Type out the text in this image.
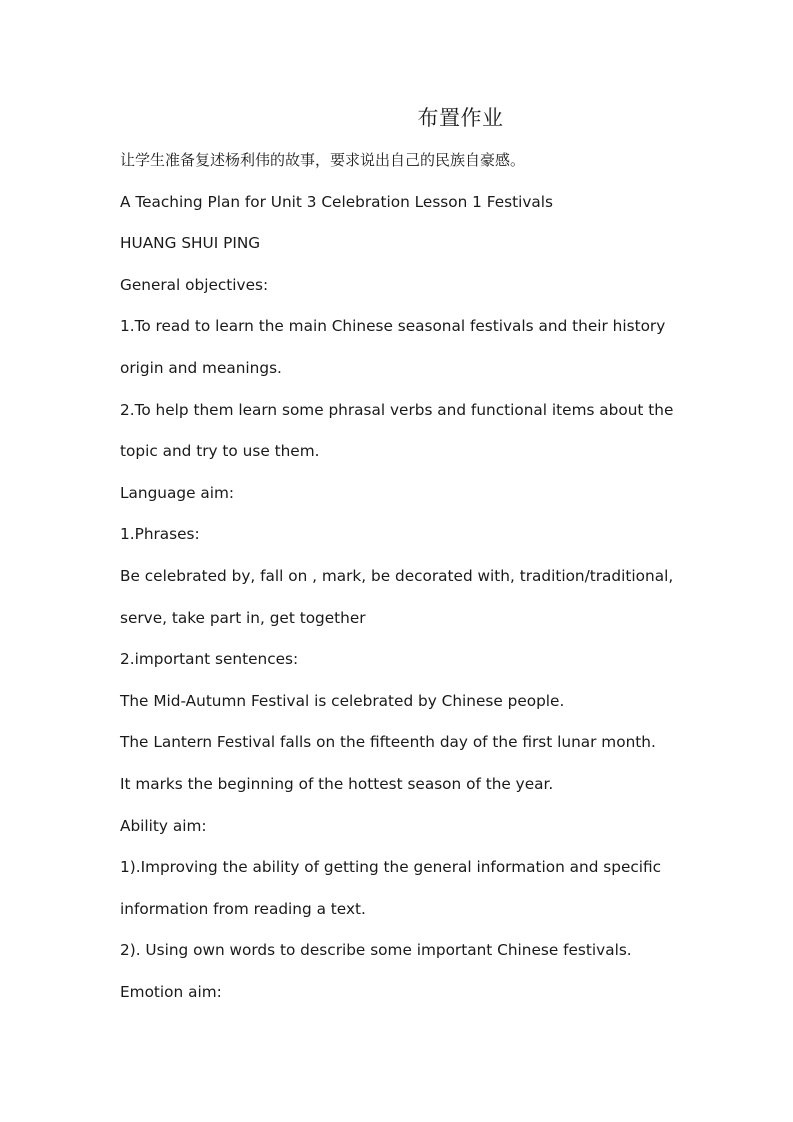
布置作业
让学生准备复述杨利伟的故事，要求说出自己的民族自豪感。
A Teaching Plan for Unit 3 Celebration Lesson 1 Festivals
HUANG SHUI PING
General objectives:
1.To read to learn the main Chinese seasonal festivals and their history
origin and meanings.
2.To help them learn some phrasal verbs and functional items about the
topic and try to use them.
Language aim:
1.Phrases:
Be celebrated by, fall on , mark, be decorated with, tradition/traditional,
serve, take part in, get together
2.important sentences:
The Mid-Autumn Festival is celebrated by Chinese people.
The Lantern Festival falls on the fifteenth day of the first lunar month.
It marks the beginning of the hottest season of the year.
Ability aim:
1).Improving the ability of getting the general information and specific
information from reading a text.
2). Using own words to describe some important Chinese festivals.
Emotion aim:
